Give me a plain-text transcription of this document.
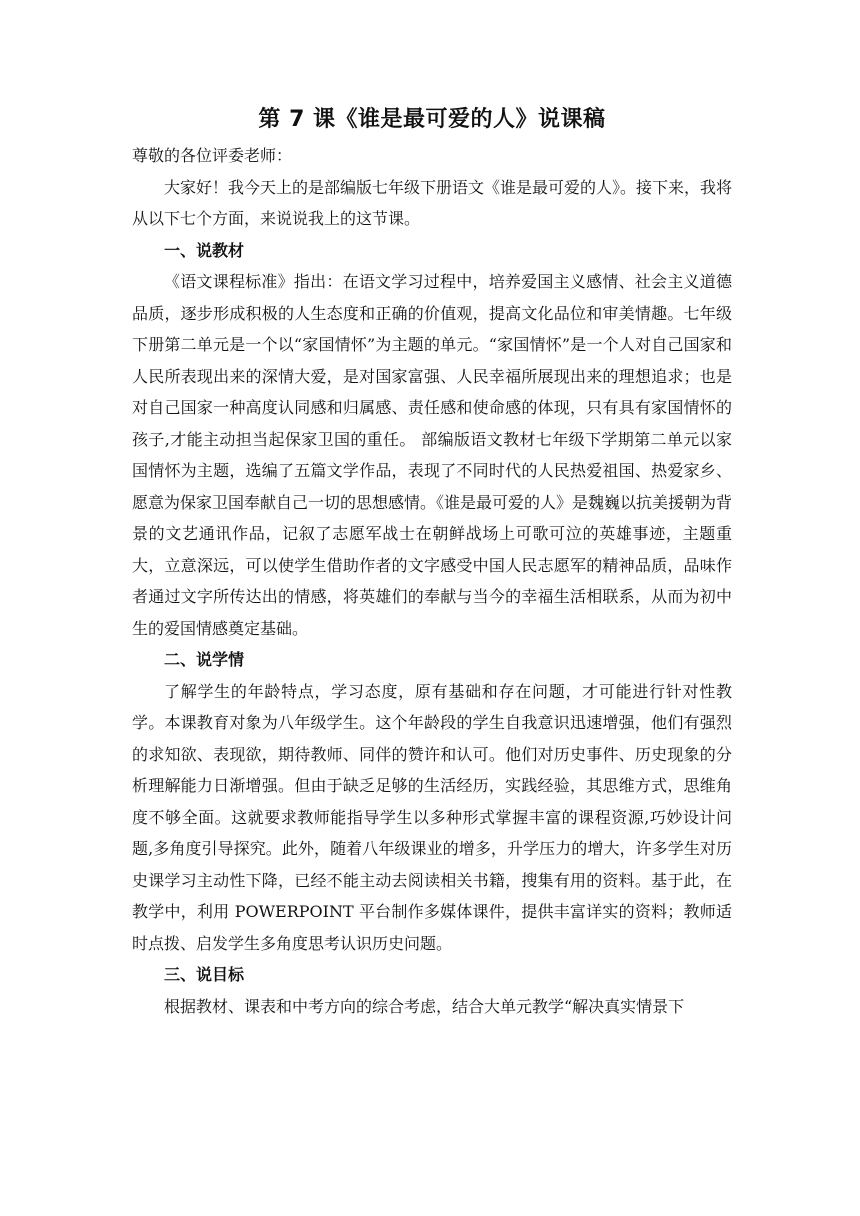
第 7 课《谁是最可爱的人》说课稿

尊敬的各位评委老师：

大家好！我今天上的是部编版七年级下册语文《谁是最可爱的人》。接下来，我将从以下七个方面，来说说我上的这节课。

一、说教材

《语文课程标准》指出：在语文学习过程中，培养爱国主义感情、社会主义道德品质，逐步形成积极的人生态度和正确的价值观，提高文化品位和审美情趣。七年级下册第二单元是一个以“家国情怀”为主题的单元。“家国情怀”是一个人对自己国家和人民所表现出来的深情大爱，是对国家富强、人民幸福所展现出来的理想追求；也是对自己国家一种高度认同感和归属感、责任感和使命感的体现，只有具有家国情怀的孩子,才能主动担当起保家卫国的重任。 部编版语文教材七年级下学期第二单元以家国情怀为主题，选编了五篇文学作品，表现了不同时代的人民热爱祖国、热爱家乡、愿意为保家卫国奉献自己一切的思想感情。《谁是最可爱的人》是魏巍以抗美援朝为背景的文艺通讯作品，记叙了志愿军战士在朝鲜战场上可歌可泣的英雄事迹，主题重大，立意深远，可以使学生借助作者的文字感受中国人民志愿军的精神品质，品味作者通过文字所传达出的情感，将英雄们的奉献与当今的幸福生活相联系，从而为初中生的爱国情感奠定基础。

二、说学情

了解学生的年龄特点，学习态度，原有基础和存在问题，才可能进行针对性教学。本课教育对象为八年级学生。这个年龄段的学生自我意识迅速增强，他们有强烈的求知欲、表现欲，期待教师、同伴的赞许和认可。他们对历史事件、历史现象的分析理解能力日渐增强。但由于缺乏足够的生活经历，实践经验，其思维方式，思维角度不够全面。这就要求教师能指导学生以多种形式掌握丰富的课程资源,巧妙设计问题,多角度引导探究。此外，随着八年级课业的增多，升学压力的增大，许多学生对历史课学习主动性下降，已经不能主动去阅读相关书籍，搜集有用的资料。基于此，在教学中，利用 POWERPOINT 平台制作多媒体课件，提供丰富详实的资料；教师适时点拨、启发学生多角度思考认识历史问题。

三、说目标

根据教材、课表和中考方向的综合考虑，结合大单元教学“解决真实情景下
